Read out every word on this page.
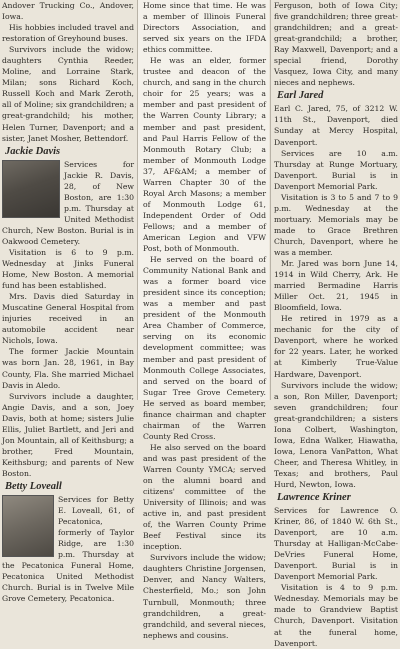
Andover Trucking Co., Andover, Iowa.

His hobbies included travel and restoration of Greyhound buses.

Survivors include the widow; daughters Cynthia Reeder, Moline, and Lorraine Stark, Milan; sons Richard Koch, Russell Koch and Mark Zeroth, all of Moline; six grandchildren; a great-grandchild; his mother, Helen Turner, Davenport; and a sister, Janet Mosher, Bettendorf.

Jackie Davis

Services for Jackie R. Davis, 28, of New Boston, are 1:30 p.m. Thursday at United Methodist Church, New Boston. Burial is in Oakwood Cemetery.

Visitation is 6 to 9 p.m. Wednesday at Jinks Funeral Home, New Boston. A memorial fund has been established.

Mrs. Davis died Saturday in Muscatine General Hospital from injuries received in an automobile accident near Nichols, Iowa.

The former Jackie Mountain was born Jan. 28, 1961, in Bay County, Fla. She married Michael Davis in Aledo.

Survivors include a daughter, Angie Davis, and a son, Joey Davis, both at home; sisters Julie Ellis, Juliet Bartlett, and Jeri and Jon Mountain, all of Keithsburg; a brother, Fred Mountain, Keithsburg; and parents of New Boston.

Betty Loveall

Services for Betty E. Loveall, 61, of Pecatonica, formerly of Taylor Ridge, are 1:30 p.m. Thursday at the Pecatonica Funeral Home, Pecatonica United Methodist Church. Burial is in Twelve Mile Grove Cemetery, Pecatonica.

Home since that time. He was a member of Illinois Funeral Directors Association, and served six years on the IFDA ethics committee.

He was an elder, former trustee and deacon of the church, and sang in the church choir for 25 years; was a member and past president of the Warren County Library; a member and past president, and Paul Harris Fellow of the Monmouth Rotary Club; a member of Monmouth Lodge 37, AF&AM; a member of Warren Chapter 30 of the Royal Arch Masons; a member of Monmouth Lodge 61, Independent Order of Odd Fellows; and a member of American Legion and VFW Post, both of Monmouth.

He served on the board of Community National Bank and was a former board vice president since its conception; was a member and past president of the Monmouth Area Chamber of Commerce, serving on its economic development committee; was member and past president of Monmouth College Associates, and served on the board of Sugar Tree Grove Cemetery. He served as board member, finance chairman and chapter chairman of the Warren County Red Cross.

He also served on the board and was past president of the Warren County YMCA; served on the alumni board and citizens' committee of the University of Illinois; and was active in, and past president of, the Warren County Prime Beef Festival since its inception.

Survivors include the widow; daughters Christine Jorgensen, Denver, and Nancy Walters, Chesterfield, Mo.; son John Turnbull, Monmouth; three grandchildren, a great-grandchild, and several nieces, nephews and cousins.

Ferguson, both of Iowa City; five grandchildren; three great-grandchildren; and a great-great-grandchild; a brother, Ray Maxwell, Davenport; and a special friend, Dorothy Vasquez, Iowa City, and many nieces and nephews.

Earl Jared

Earl C. Jared, 75, of 3212 W. 11th St., Davenport, died Sunday at Mercy Hospital, Davenport.

Services are 10 a.m. Thursday at Runge Mortuary, Davenport. Burial is in Davenport Memorial Park.

Visitation is 3 to 5 and 7 to 9 p.m. Wednesday at the mortuary. Memorials may be made to Grace Brethren Church, Davenport, where he was a member.

Mr. Jared was born June 14, 1914 in Wild Cherry, Ark. He married Bermadine Harris Miller Oct. 21, 1945 in Bloomfield, Iowa.

He retired in 1979 as a mechanic for the city of Davenport, where he worked for 22 years. Later, he worked at Kimberly True-Value Hardware, Davenport.

Survivors include the widow; a son, Ron Miller, Davenport; seven grandchildren; four great-grandchildren; a sisters Iona Colbert, Washington, Iowa, Edna Walker, Hiawatha, Iowa, Lenora VanPatton, What Cheer, and Theresa Whitley, in Texas; and brothers, Paul Hurd, Newton, Iowa.

Lawrence Kriner

Services for Lawrence O. Kriner, 86, of 1840 W. 6th St., Davenport, are 10 a.m. Thursday at Halligan-McCabe-DeVries Funeral Home, Davenport. Burial is in Davenport Memorial Park.

Visitation is 4 to 9 p.m. Wednesday. Memorials may be made to Grandview Baptist Church, Davenport. Visitation at the funeral home, Davenport.
